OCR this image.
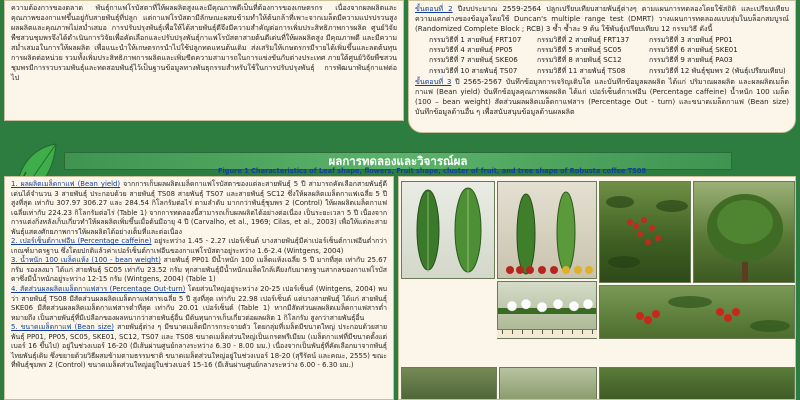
ความต้องการของตลาด พันธุ์กาแฟโรบัสตาที่ให้ผลผลิตสูงและมีคุณภาพดีเป็นที่ต้องการของเกษตรกร เนื่องจากผลผลิตและคุณภาพของกาแฟขึ้นอยู่กับสายพันธุ์ที่ปลูก แต่กาแฟโรบัสตามีลักษณะผสมข้ามทำให้ต้นกล้าที่เพาะจากเมล็ดมีความแปรปรวนสูง ผลผลิตและคุณภาพไม่สม่ำเสมอ การปรับปรุงพันธุ์เพื่อให้ได้สายพันธุ์ดีจึงมีความสำคัญต่อการเพิ่มประสิทธิภาพการผลิต ศูนย์วิจัยพืชสวนชุมพรจึงได้ดำเนินการวิจัยเพื่อคัดเลือกและปรับปรุงพันธุ์กาแฟโรบัสตาสายต้นดีเด่นที่ให้ผลผลิตสูง มีคุณภาพดี และมีความสม่ำเสมอในการให้ผลผลิต เพื่อแนะนำให้เกษตรกรนำไปใช้ปลูกทดแทนต้นเดิม ส่งเสริมให้เกษตรกรมีรายได้เพิ่มขึ้นและลดต้นทุนการผลิตต่อหน่วย รวมทั้งเพิ่มประสิทธิภาพการผลิตและเพิ่มขีดความสามารถในการแข่งขันกับต่างประเทศ ภายใต้ศูนย์วิจัยพืชสวนชุมพรมีการรวบรวมพันธุ์และทดสอบพันธุ์ไว้เป็นฐานข้อมูลทางพันธุกรรมสำหรับใช้ในการปรับปรุงพันธุ์ การพัฒนาพันธุ์กาแฟต่อไป

ขั้นตอนที่ 2 ปีงบประมาณ 2559-2564 ปลูกเปรียบเทียบสายพันธุ์ต่างๆ ตามแผนการทดลองโดยใช้สถิติ และเปรียบเทียบความแตกต่างของข้อมูลโดยใช้ Duncan's multiple range test (DMRT) วางแผนการทดลองแบบสุ่มในบล็อกสมบูรณ์ (Randomized Complete Block ; RCB) 3 ซ้ำ ซ้ำละ 9 ต้น ใช้พันธุ์เปรียบเทียบ 12 กรรมวิธี ดังนี้

กรรมวิธีที่ 1 สายพันธุ์ FRT107	กรรมวิธีที่ 2 สายพันธุ์ FRT137	กรรมวิธีที่ 3 สายพันธุ์ PP01
กรรมวิธีที่ 4 สายพันธุ์ PP05	กรรมวิธีที่ 5 สายพันธุ์ SC05	กรรมวิธีที่ 6 สายพันธุ์ SKE01
กรรมวิธีที่ 7 สายพันธุ์ SKE06	กรรมวิธีที่ 8 สายพันธุ์ SC12	กรรมวิธีที่ 9 สายพันธุ์ PA03
กรรมวิธีที่ 10 สายพันธุ์ TS07	กรรมวิธีที่ 11 สายพันธุ์ TS08	กรรมวิธีที่ 12 พันธุ์ชุมพร 2 (พันธุ์เปรียบเทียบ)

ขั้นตอนที่ 3 ปี 2565-2567 บันทึกข้อมูลการเจริญเติบโต และบันทึกข้อมูลผลผลิต ได้แก่ ปริมาณผลผลิต และผลผลิตเมล็ดกาแฟ (Bean yield) บันทึกข้อมูลคุณภาพผลผลิต ได้แก่ เปอร์เซ็นต์กาเฟอีน (Percentage caffeine) น้ำหนัก 100 เมล็ด (100 – bean weight) สัดส่วนผลผลิตเมล็ดกาแฟสาร (Percentage Out - turn) และขนาดเมล็ดกาแฟ (Bean size) บันทึกข้อมูลด้านอื่น ๆ เพื่อสนับสนุนข้อมูลด้านผลผลิต

ผลการทดลองและวิจารณ์ผล

1. ผลผลิตเมล็ดกาแฟ (Bean yield) จากการเก็บผลผลิตเมล็ดกาแฟโรบัสตาของแต่ละสายพันธุ์ 5 ปี สามารถคัดเลือกสายพันธุ์ดีเด่นได้จำนวน 3 สายพันธุ์ ประกอบด้วย สายพันธุ์ TS08 สายพันธุ์ TS07 และสายพันธุ์ SC12 ซึ่งให้ผลผลิตเมล็ดกาแฟเฉลี่ย 5 ปี สูงที่สุด เท่ากับ 307.97 306.27 และ 284.54 กิโลกรัมต่อไร่ ตามลำดับ มากกว่าพันธุ์ชุมพร 2 (Control) ให้ผลผลิตเมล็ดกาแฟเฉลี่ยเท่ากับ 224.23 กิโลกรัมต่อไร่ (Table 1) จากการทดลองนี้สามารถเก็บผลผลิตได้อย่างต่อเนื่อง เป็นระยะเวลา 5 ปี เนื่องจากการแต่งกิ่งหลังเก็บเกี่ยวทำให้ผลผลิตเพิ่มขึ้นเมื่อต้นมีอายุ 4 ปี (Carvalho, et al., 1969; Cilas, et al., 2003) เพื่อให้แต่ละสายพันธุ์แสดงศักยภาพการให้ผลผลิตได้อย่างเต็มที่และต่อเนื่อง

2. เปอร์เซ็นต์กาเฟอีน (Percentage caffeine) อยู่ระหว่าง 1.45 - 2.27 เปอร์เซ็นต์ บางสายพันธุ์มีค่าเปอร์เซ็นต์กาเฟอีนต่ำกว่าเกณฑ์มาตรฐาน ซึ่งโดยปกติแล้วค่าเปอร์เซ็นต์กาเฟอีนของกาแฟโรบัสตาอยู่ระหว่าง 1.6-2.4 (Wintgens, 2004)

3. น้ำหนัก 100 เมล็ดแห้ง (100 - bean weight) สายพันธุ์ PP01 มีน้ำหนัก 100 เมล็ดแห้งเฉลี่ย 5 ปี มากที่สุด เท่ากับ 25.67 กรัม รองลงมา ได้แก่ สายพันธุ์ SC05 เท่ากับ 23.52 กรัม ทุกสายพันธุ์มีน้ำหนักเมล็ดใกล้เคียงกับมาตรฐานสากลของกาแฟโรบัสตาซึ่งมีน้ำหนักอยู่ระหว่าง 12-15 กรัม (Wintgens, 2004) (Table 1)

4. สัดส่วนผลผลิตเมล็ดกาแฟสาร (Percentage Out-turn) โดยส่วนใหญ่อยู่ระหว่าง 20-25 เปอร์เซ็นต์ (Wintgens, 2004) พบว่า สายพันธุ์ TS08 มีสัดส่วนผลผลิตเมล็ดกาแฟสารเฉลี่ย 5 ปี สูงที่สุด เท่ากับ 22.98 เปอร์เซ็นต์ แต่บางสายพันธุ์ ได้แก่ สายพันธุ์ SKE06 มีสัดส่วนผลผลิตเมล็ดกาแฟสารต่ำที่สุด เท่ากับ 20.01 เปอร์เซ็นต์ (Table 1) หากมีสัดส่วนผลผลิตเมล็ดกาแฟสารต่ำ หมายถึง เป็นสายพันธุ์ที่มีเปลือกของผลหนากว่าสายพันธุ์อื่น มีต้นทุนการเก็บเกี่ยวต่อผลผลิต 1 กิโลกรัม สูงกว่าสายพันธุ์อื่น

5. ขนาดเมล็ดกาแฟ (Bean size) สายพันธุ์ต่าง ๆ มีขนาดเมล็ดมีการกระจายตัว โดยกลุ่มที่เมล็ดมีขนาดใหญ่ ประกอบด้วยสายพันธุ์ PP01, PP05, SC05, SKE01, SC12, TS07 และ TS08 ขนาดเมล็ดส่วนใหญ่เป็นเกรดพรีเมียม (เมล็ดกาแฟที่มีขนาดตั้งแต่เบอร์ 16 ขึ้นไป) อยู่ในช่วงเบอร์ 16-20 (มีเส้นผ่านศูนย์กลางระหว่าง 6.30 - 8.00 มม.) เนื่องจากเป็นพันธุ์ที่คัดเลือกมาจากพันธุ์ไทยพันธุ์เดิม ซึ่งขยายด้วยวิธีผสมข้ามตามธรรมชาติ ขนาดเมล็ดส่วนใหญ่อยู่ในช่วงเบอร์ 18-20 (สุรีรัตน์ และคณะ, 2555) ขณะที่พันธุ์ชุมพร 2 (Control) ขนาดเมล็ดส่วนใหญ่อยู่ในช่วงเบอร์ 15-16 (มีเส้นผ่านศูนย์กลางระหว่าง 6.00 - 6.30 มม.)

Figure 1 Characteristics of Leaf shape, flowers, Fruit shape, cluster of fruit, and tree shape of Robusta coffee TS08
